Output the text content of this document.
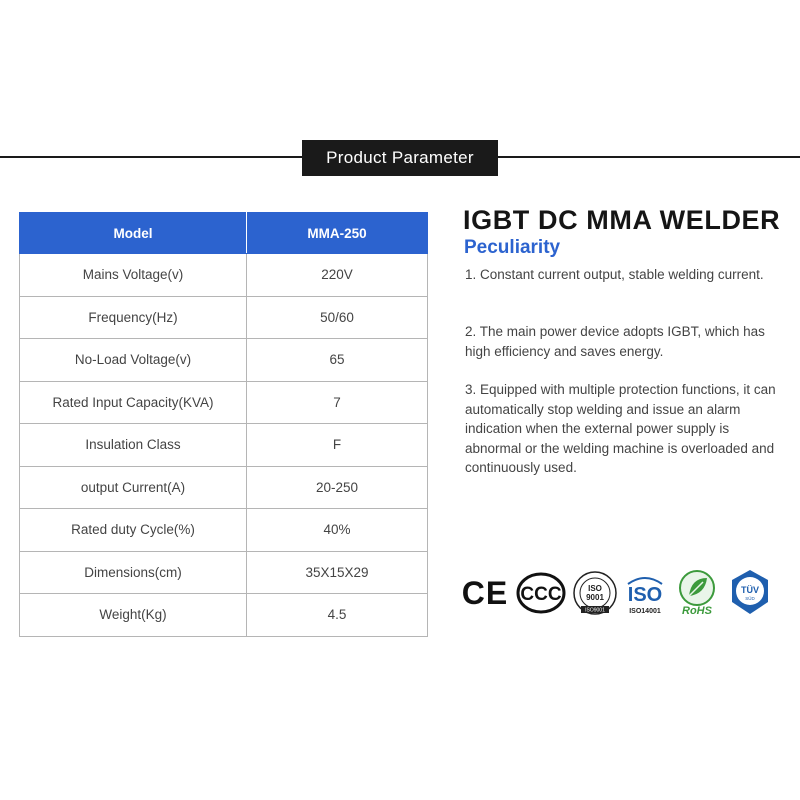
Product Parameter
Model	MMA-250
Mains Voltage(v)	220V
Frequency(Hz)	50/60
No-Load Voltage(v)	65
Rated Input Capacity(KVA)	7
Insulation Class	F
output Current(A)	20-250
Rated duty Cycle(%)	40%
Dimensions(cm)	35X15X29
Weight(Kg)	4.5
IGBT DC MMA WELDER
Peculiarity
1. Constant current output, stable welding current.
2. The main power device adopts IGBT, which has high efficiency and saves energy.
3. Equipped with multiple protection functions, it can automatically stop welding and issue an alarm indication when the external power supply is abnormal or the welding machine is overloaded and continuously used.
CE CCC	ISO
9001
ISO9001
ISO
ISO14001 RoHS
TÜV
SÜD
